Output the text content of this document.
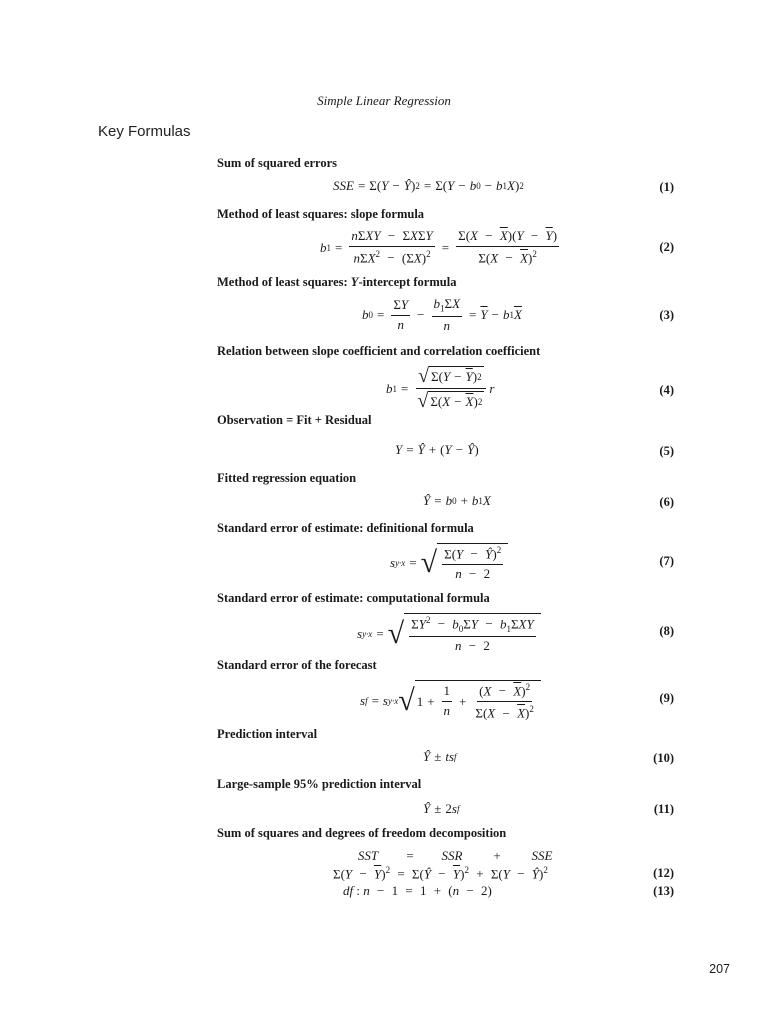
Simple Linear Regression
Key Formulas
Sum of squared errors
SSE = Σ( Y − Ŷ ) 2 = Σ( Y − b 0 − b 1 X ) 2	(1)
Method of least squares: slope formula
b $1 = \frac{\text{nΣXY − ΣXΣY}}{n\Sigma X^2 - (\Sigma X)^2} = \frac{\Sigma(X - \overline{X})(Y - \overline{Y})}{\Sigma(X - \overline{X})^2}$	(2)
Method of least squares: Y-intercept formula
b $0 = \frac{\Sigma Y}{n} - \frac{b_1\Sigma X}{n} = \overline{Y} - b$ 1 $\overline{X}$	(3)
Relation between slope coefficient and correlation coefficient
b $1 = \frac{√ \Sigma( Y - \overline{Y} ) 2}{√ \Sigma( X - \overline{X} ) 2}$ r	(4)
Observation = Fit + Residual
Y = Ŷ + ( Y − Ŷ )	(5)
Fitted regression equation
Ŷ = b 0 + b 1 X	(6)
Standard error of estimate: definitional formula
s y·x = √ $\frac{\Sigma(Y - Ŷ)^2}{n - 2}$	(7)
Standard error of estimate: computational formula
s y·x = √ $\frac{\Sigma Y^2 - b_0\Sigma Y - b_1\Sigma XY}{n - 2}$	(8)
Standard error of the forecast
s f = s y·x √ $1 + \frac{1}{n} + \frac{(X - \overline{X})^2}{\Sigma(X - \overline{X})^2}$	(9)
Prediction interval
Ŷ ± ts f	(10)
Large-sample 95% prediction interval
Ŷ ± 2 s f	(11)
Sum of squares and degrees of freedom decomposition
SST = SSR + SSE
$\Sigma(Y - \overline{Y})^2$ = Σ(Ŷ − $\overline{Y})^2 + \Sigma(Y$ − Ŷ)$^2$
df : n − 1 = 1 + (n − 2)
(12)
(13)
207
